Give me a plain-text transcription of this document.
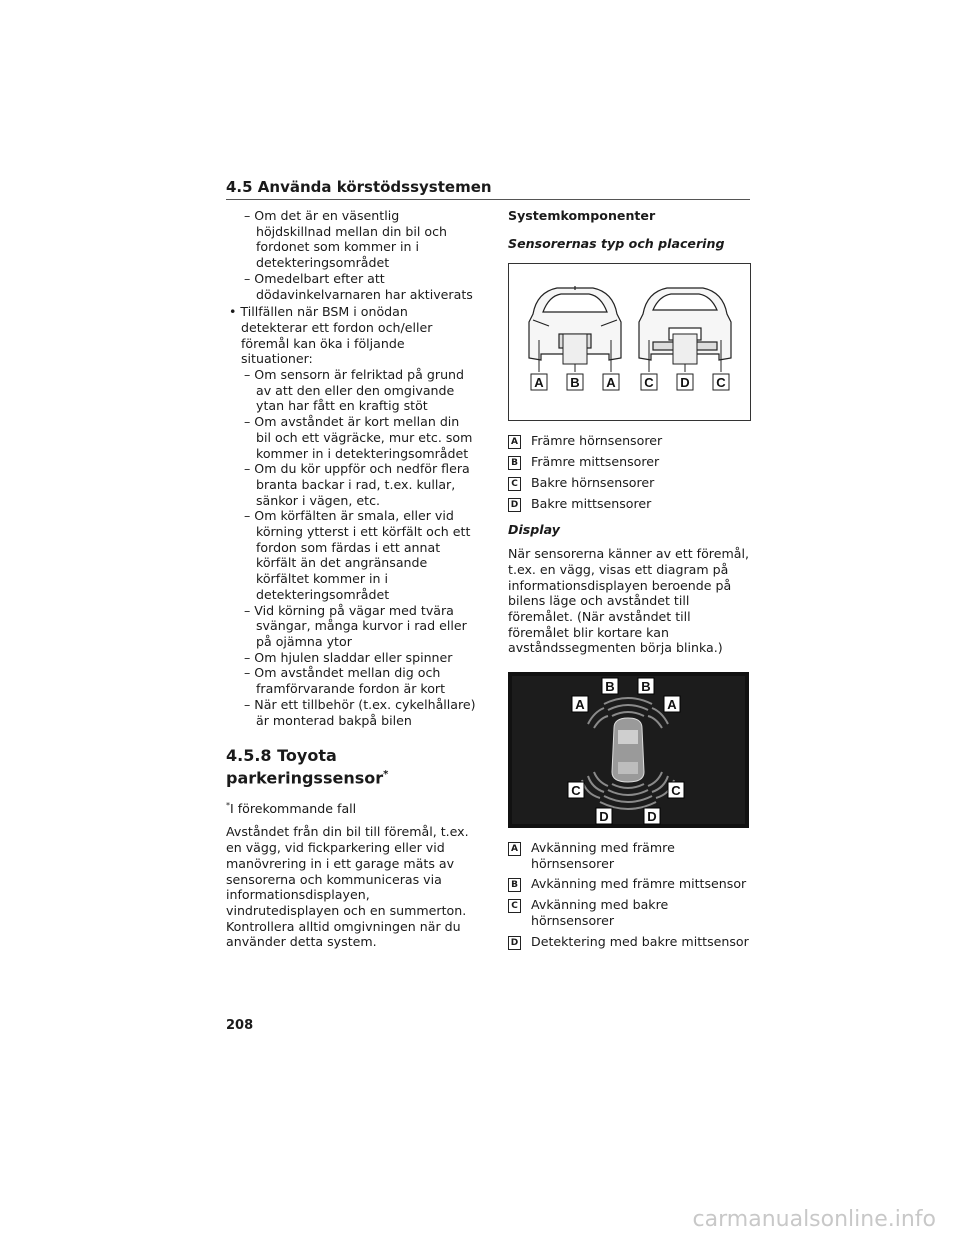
4.5 Använda körstödssystemen

– Om det är en väsentlig höjdskillnad mellan din bil och fordonet som kommer in i detekteringsområdet

– Omedelbart efter att dödavinkelvarnaren har aktiverats

• Tillfällen när BSM i onödan detekterar ett fordon och/eller föremål kan öka i följande situationer:

– Om sensorn är felriktad på grund av att den eller den omgivande ytan har fått en kraftig stöt

– Om avståndet är kort mellan din bil och ett vägräcke, mur etc. som kommer in i detekteringsområdet

– Om du kör uppför och nedför flera branta backar i rad, t.ex. kullar, sänkor i vägen, etc.

– Om körfälten är smala, eller vid körning ytterst i ett körfält och ett fordon som färdas i ett annat körfält än det angränsande körfältet kommer in i detekteringsområdet

– Vid körning på vägar med tvära svängar, många kurvor i rad eller på ojämna ytor

– Om hjulen sladdar eller spinner

– Om avståndet mellan dig och framförvarande fordon är kort

– När ett tillbehör (t.ex. cykelhållare) är monterad bakpå bilen

4.5.8 Toyota parkeringssensor*

*I förekommande fall

Avståndet från din bil till föremål, t.ex. en vägg, vid fickparkering eller vid manövrering in i ett garage mäts av sensorerna och kommuniceras via informationsdisplayen, vindrutedisplayen och en summerton. Kontrollera alltid omgivningen när du använder detta system.

Systemkomponenter

Sensorernas typ och placering

A B A C D C
A Främre hörnsensorer
B Främre mittsensorer
C Bakre hörnsensorer
D Bakre mittsensorer

Display

När sensorerna känner av ett föremål, t.ex. en vägg, visas ett diagram på informationsdisplayen beroende på bilens läge och avståndet till föremålet. (När avståndet till föremålet blir kortare kan avståndssegmenten börja blinka.)

B B
A	A
C	C
D	D
A Avkänning med främre hörnsensorer
B Avkänning med främre mittsensor
C Avkänning med bakre hörnsensorer
D Detektering med bakre mittsensor
208
carmanualsonline.info
